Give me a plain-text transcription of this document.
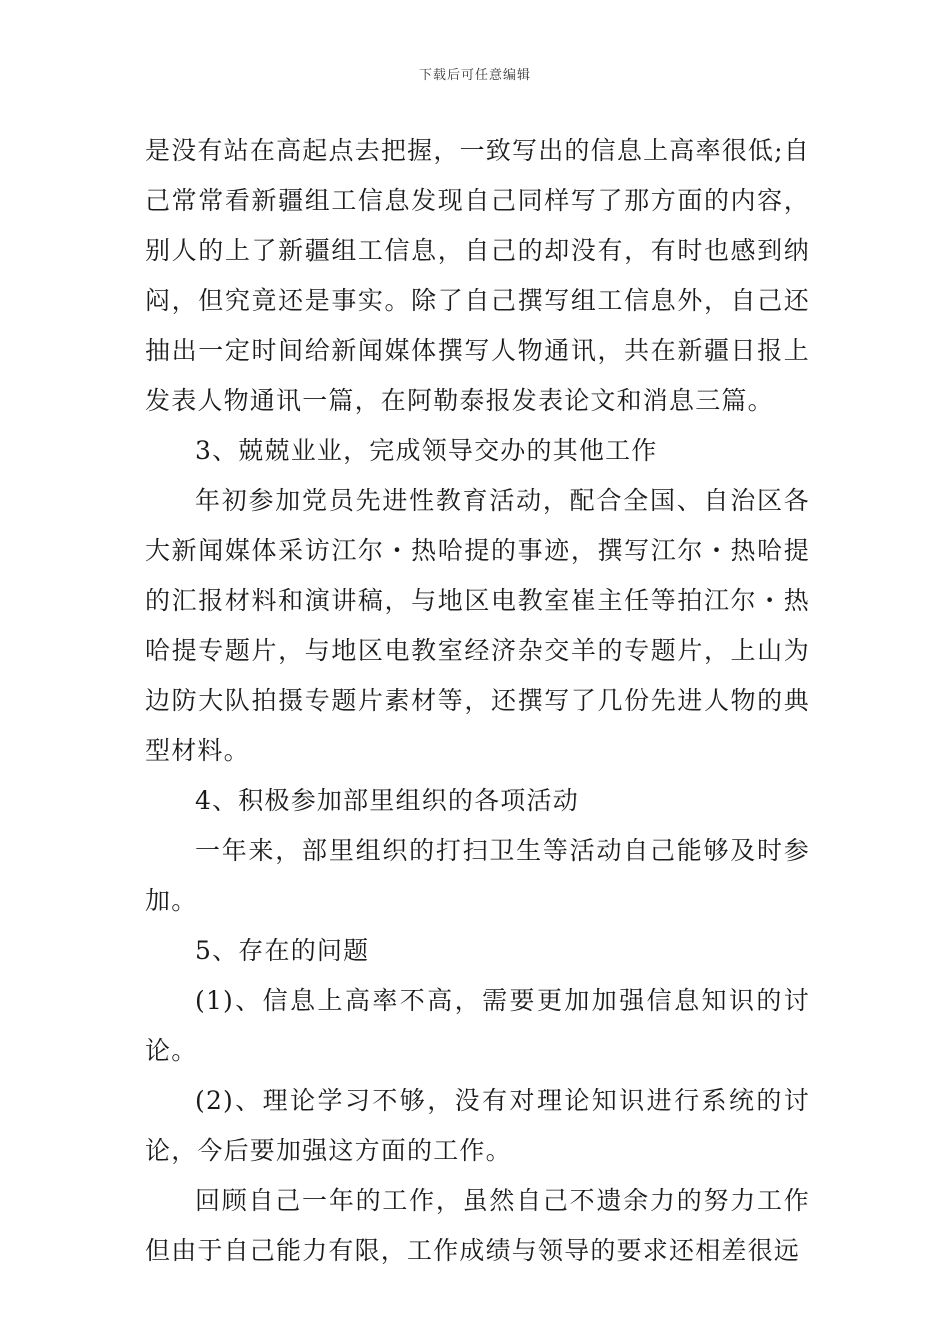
下载后可任意编辑

是没有站在高起点去把握，一致写出的信息上高率很低;自己常常看新疆组工信息发现自己同样写了那方面的内容，别人的上了新疆组工信息，自己的却没有，有时也感到纳闷，但究竟还是事实。除了自己撰写组工信息外，自己还抽出一定时间给新闻媒体撰写人物通讯，共在新疆日报上发表人物通讯一篇，在阿勒泰报发表论文和消息三篇。

3、兢兢业业，完成领导交办的其他工作

年初参加党员先进性教育活动，配合全国、自治区各大新闻媒体采访江尔・热哈提的事迹，撰写江尔・热哈提的汇报材料和演讲稿，与地区电教室崔主任等拍江尔・热哈提专题片，与地区电教室经济杂交羊的专题片，上山为边防大队拍摄专题片素材等，还撰写了几份先进人物的典型材料。

4、积极参加部里组织的各项活动

一年来，部里组织的打扫卫生等活动自己能够及时参加。

5、存在的问题

(1)、信息上高率不高，需要更加加强信息知识的讨论。

(2)、理论学习不够，没有对理论知识进行系统的讨论，今后要加强这方面的工作。

回顾自己一年的工作，虽然自己不遗余力的努力工作但由于自己能力有限，工作成绩与领导的要求还相差很远
